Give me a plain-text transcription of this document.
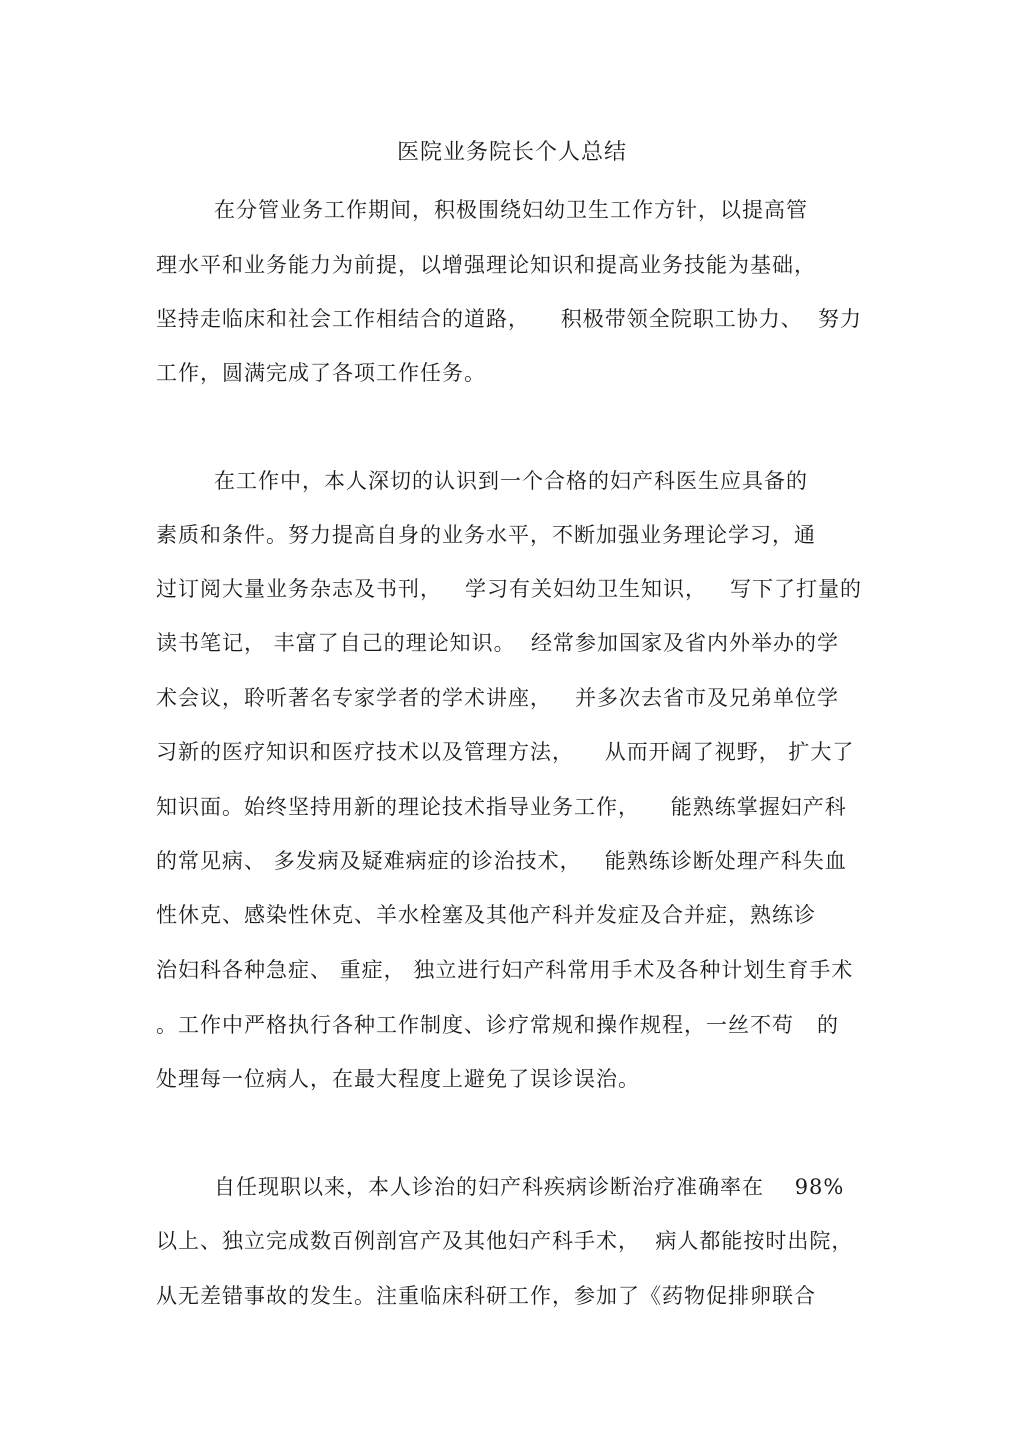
医院业务院长个人总结
在分管业务工作期间，积极围绕妇幼卫生工作方针，以提高管
理水平和业务能力为前提，以增强理论知识和提高业务技能为基础，
坚持走临床和社会工作相结合的道路，    积极带领全院职工协力、  努力
工作，圆满完成了各项工作任务。
在工作中，本人深切的认识到一个合格的妇产科医生应具备的
素质和条件。努力提高自身的业务水平，不断加强业务理论学习，通
过订阅大量业务杂志及书刊，   学习有关妇幼卫生知识，   写下了打量的
读书笔记， 丰富了自己的理论知识。  经常参加国家及省内外举办的学
术会议，聆听著名专家学者的学术讲座，   并多次去省市及兄弟单位学
习新的医疗知识和医疗技术以及管理方法，    从而开阔了视野， 扩大了
知识面。始终坚持用新的理论技术指导业务工作，    能熟练掌握妇产科
的常见病、 多发病及疑难病症的诊治技术，   能熟练诊断处理产科失血
性休克、感染性休克、羊水栓塞及其他产科并发症及合并症，熟练诊
治妇科各种急症、 重症， 独立进行妇产科常用手术及各种计划生育手术
。工作中严格执行各种工作制度、诊疗常规和操作规程，一丝不苟   的
处理每一位病人，在最大程度上避免了误诊误治。
自任现职以来，本人诊治的妇产科疾病诊断治疗准确率在    98%
以上、独立完成数百例剖宫产及其他妇产科手术，  病人都能按时出院，
从无差错事故的发生。注重临床科研工作，参加了《药物促排卵联合
